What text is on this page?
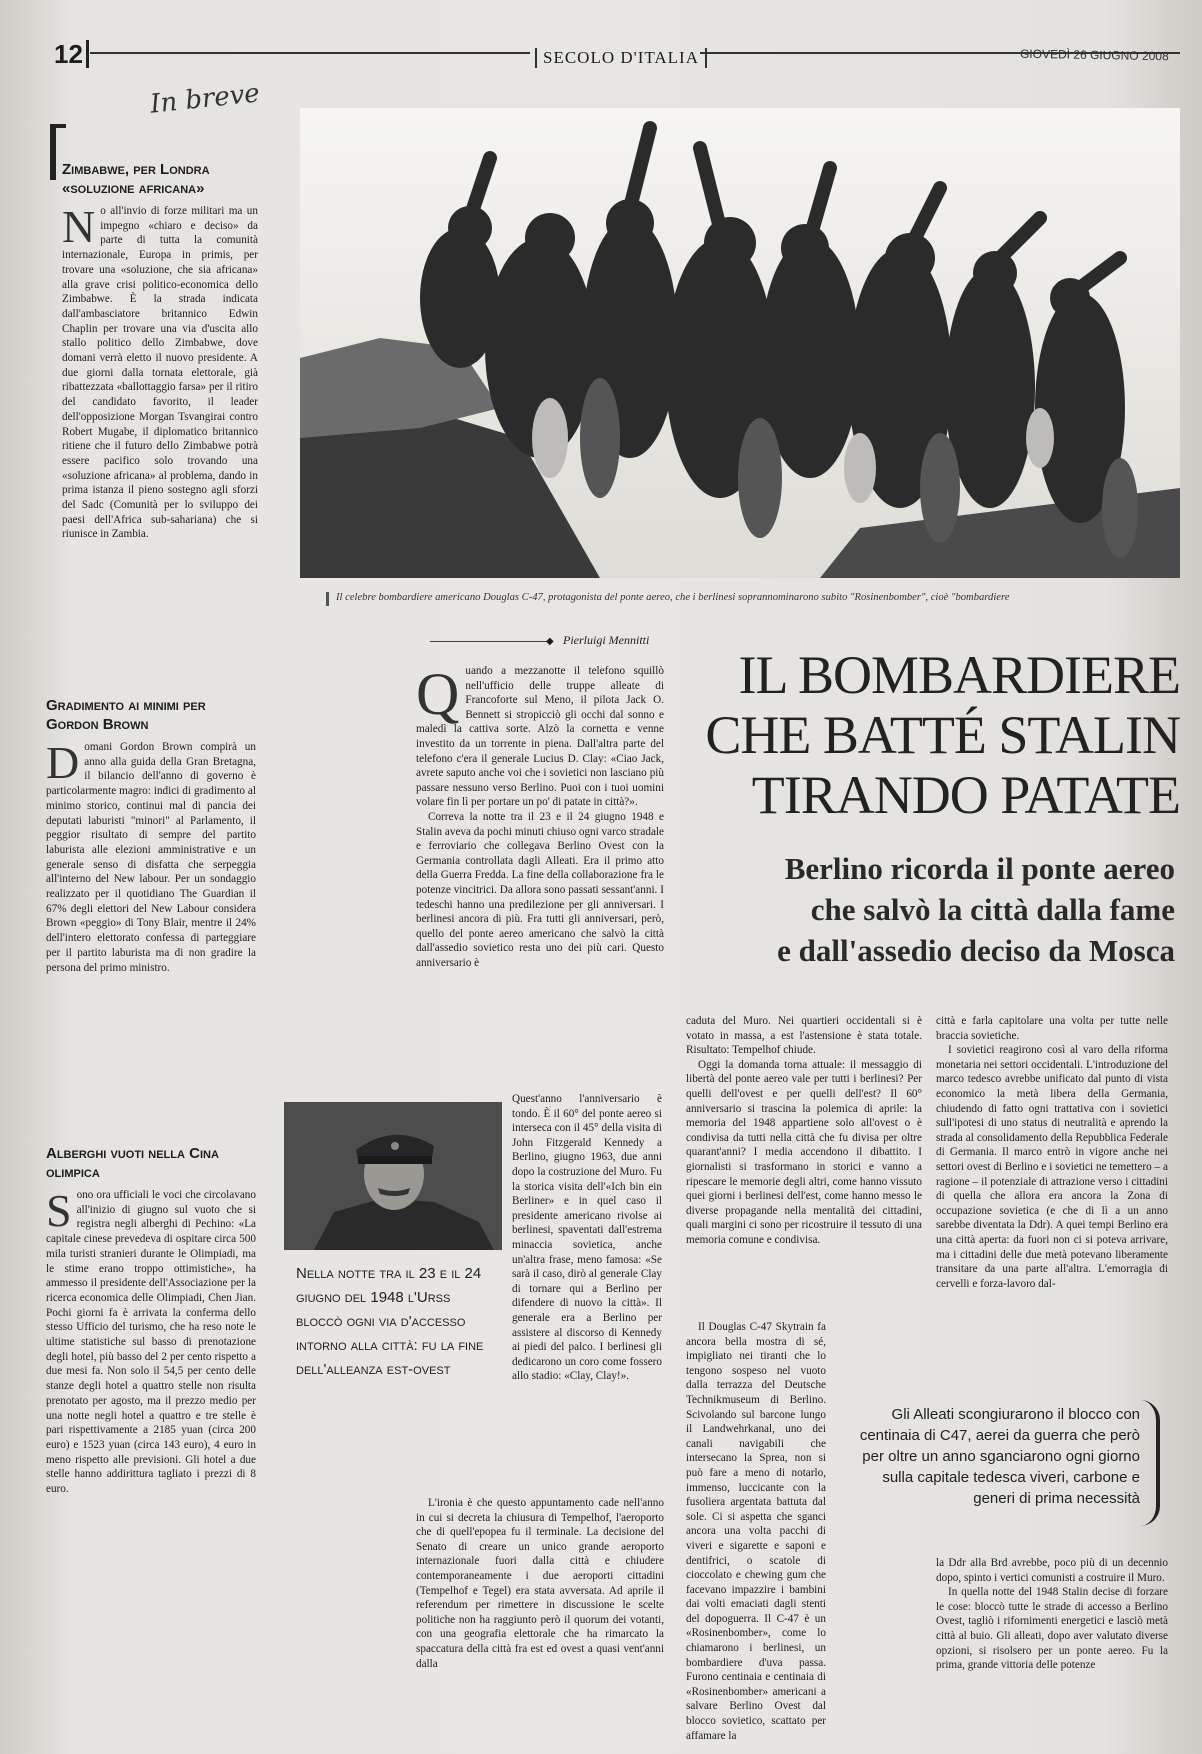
12	SECOLO D'ITALIA	GIOVEDÌ 26 GIUGNO 2008
In breve
Zimbabwe, per Londra «soluzione africana»

No all'invio di forze militari ma un impegno «chiaro e deciso» da parte di tutta la comunità internazionale, Europa in primis, per trovare una «soluzione, che sia africana» alla grave crisi politico-economica dello Zimbabwe. È la strada indicata dall'ambasciatore britannico Edwin Chaplin per trovare una via d'uscita allo stallo politico dello Zimbabwe, dove domani verrà eletto il nuovo presidente. A due giorni dalla tornata elettorale, già ribattezzata «ballottaggio farsa» per il ritiro del candidato favorito, il leader dell'opposizione Morgan Tsvangirai contro Robert Mugabe, il diplomatico britannico ritiene che il futuro dello Zimbabwe potrà essere pacifico solo trovando una «soluzione africana» al problema, dando in prima istanza il pieno sostegno agli sforzi del Sadc (Comunità per lo sviluppo dei paesi dell'Africa sub-sahariana) che si riunisce in Zambia.

Gradimento ai minimi per Gordon Brown

Domani Gordon Brown compirà un anno alla guida della Gran Bretagna, il bilancio dell'anno di governo è particolarmente magro: indici di gradimento al minimo storico, continui mal di pancia dei deputati laburisti "minori" al Parlamento, il peggior risultato di sempre del partito laburista alle elezioni amministrative e un generale senso di disfatta che serpeggia all'interno del New labour. Per un sondaggio realizzato per il quotidiano The Guardian il 67% degli elettori del New Labour considera Brown «peggio» di Tony Blair, mentre il 24% dell'intero elettorato confessa di parteggiare per il partito laburista ma di non gradire la persona del primo ministro.

Alberghi vuoti nella Cina olimpica

Sono ora ufficiali le voci che circolavano all'inizio di giugno sul vuoto che si registra negli alberghi di Pechino: «La capitale cinese prevedeva di ospitare circa 500 mila turisti stranieri durante le Olimpiadi, ma le stime erano troppo ottimistiche», ha ammesso il presidente dell'Associazione per la ricerca economica delle Olimpiadi, Chen Jian. Pochi giorni fa è arrivata la conferma dello stesso Ufficio del turismo, che ha reso note le ultime statistiche sul basso di prenotazione degli hotel, più basso del 2 per cento rispetto a due mesi fa. Non solo il 54,5 per cento delle stanze degli hotel a quattro stelle non risulta prenotato per agosto, ma il prezzo medio per una notte negli hotel a quattro e tre stelle è pari rispettivamente a 2185 yuan (circa 200 euro) e 1523 yuan (circa 143 euro), 4 euro in meno rispetto alle previsioni. Gli hotel a due stelle hanno addirittura tagliato i prezzi di 8 euro.

Il celebre bombardiere americano Douglas C-47, protagonista del ponte aereo, che i berlinesi soprannominarono subito "Rosinenbomber", cioè "bombardiere
◆ Pierluigi Mennitti
IL BOMBARDIERE
CHE BATTÉ STALIN
TIRANDO PATATE
Berlino ricorda il ponte aereo
che salvò la città dalla fame
e dall'assedio deciso da Mosca

Quando a mezzanotte il telefono squillò nell'ufficio delle truppe alleate di Francoforte sul Meno, il pilota Jack O. Bennett si stropicciò gli occhi dal sonno e maledì la cattiva sorte. Alzò la cornetta e venne investito da un torrente in piena. Dall'altra parte del telefono c'era il generale Lucius D. Clay: «Ciao Jack, avrete saputo anche voi che i sovietici non lasciano più passare nessuno verso Berlino. Puoi con i tuoi uomini volare fin lì per portare un po' di patate in città?».

Correva la notte tra il 23 e il 24 giugno 1948 e Stalin aveva da pochi minuti chiuso ogni varco stradale e ferroviario che collegava Berlino Ovest con la Germania controllata dagli Alleati. Era il primo atto della Guerra Fredda. La fine della collaborazione fra le potenze vincitrici. Da allora sono passati sessant'anni. I tedeschi hanno una predilezione per gli anniversari. I berlinesi ancora di più. Fra tutti gli anniversari, però, quello del ponte aereo americano che salvò la città dall'assedio sovietico resta uno dei più cari. Questo anniversario è

Quest'anno l'anniversario è tondo. È il 60° del ponte aereo si interseca con il 45° della visita di John Fitzgerald Kennedy a Berlino, giugno 1963, due anni dopo la costruzione del Muro. Fu la storica visita dell'«Ich bin ein Berliner» e in quel caso il presidente americano rivolse ai berlinesi, spaventati dall'estrema minaccia sovietica, anche un'altra frase, meno famosa: «Se sarà il caso, dirò al generale Clay di tornare qui a Berlino per difendere di nuovo la città». Il generale era a Berlino per assistere al discorso di Kennedy ai piedi del palco. I berlinesi gli dedicarono un coro come fossero allo stadio: «Clay, Clay!».

L'ironia è che questo appuntamento cade nell'anno in cui si decreta la chiusura di Tempelhof, l'aeroporto che di quell'epopea fu il terminale. La decisione del Senato di creare un unico grande aeroporto internazionale fuori dalla città e chiudere contemporaneamente i due aeroporti cittadini (Tempelhof e Tegel) era stata avversata. Ad aprile il referendum per rimettere in discussione le scelte politiche non ha raggiunto però il quorum dei votanti, con una geografia elettorale che ha rimarcato la spaccatura della città fra est ed ovest a quasi vent'anni dalla

Nella notte tra il 23 e il 24 giugno del 1948 l'Urss bloccò ogni via d'accesso intorno alla città: fu la fine dell'alleanza est-ovest

caduta del Muro. Nei quartieri occidentali si è votato in massa, a est l'astensione è stata totale. Risultato: Tempelhof chiude.

Oggi la domanda torna attuale: il messaggio di libertà del ponte aereo vale per tutti i berlinesi? Per quelli dell'ovest e per quelli dell'est? Il 60° anniversario si trascina la polemica di aprile: la memoria del 1948 appartiene solo all'ovest o è condivisa da tutti nella città che fu divisa per oltre quarant'anni? I media accendono il dibattito. I giornalisti si trasformano in storici e vanno a ripescare le memorie degli altri, come hanno vissuto quei giorni i berlinesi dell'est, come hanno messo le diverse propagande nella mentalità dei cittadini, quali margini ci sono per ricostruire il tessuto di una memoria comune e condivisa.

Il Douglas C-47 Skytrain fa ancora bella mostra di sé, impigliato nei tiranti che lo tengono sospeso nel vuoto dalla terrazza del Deutsche Technikmuseum di Berlino. Scivolando sul barcone lungo il Landwehrkanal, uno dei canali navigabili che intersecano la Sprea, non si può fare a meno di notarlo, immenso, luccicante con la fusoliera argentata battuta dal sole. Ci si aspetta che sganci ancora una volta pacchi di viveri e sigarette e saponi e dentifrici, o scatole di cioccolato e chewing gum che facevano impazzire i bambini dai volti emaciati dagli stenti del dopoguerra. Il C-47 è un «Rosinenbomber», come lo chiamarono i berlinesi, un bombardiere d'uva passa. Furono centinaia e centinaia di «Rosinenbomber» americani a salvare Berlino Ovest dal blocco sovietico, scattato per affamare la

città e farla capitolare una volta per tutte nelle braccia sovietiche.

I sovietici reagirono così al varo della riforma monetaria nei settori occidentali. L'introduzione del marco tedesco avrebbe unificato dal punto di vista economico la metà libera della Germania, chiudendo di fatto ogni trattativa con i sovietici sull'ipotesi di uno status di neutralità e aprendo la strada al consolidamento della Repubblica Federale di Germania. Il marco entrò in vigore anche nei settori ovest di Berlino e i sovietici ne temettero – a ragione – il potenziale di attrazione verso i cittadini di quella che allora era ancora la Zona di occupazione sovietica (e che di lì a un anno sarebbe diventata la Ddr). A quei tempi Berlino era una città aperta: da fuori non ci si poteva arrivare, ma i cittadini delle due metà potevano liberamente transitare da una parte all'altra. L'emorragia di cervelli e forza-lavoro dal-

Gli Alleati scongiurarono il blocco con centinaia di C47, aerei da guerra che però per oltre un anno sganciarono ogni giorno sulla capitale tedesca viveri, carbone e generi di prima necessità

la Ddr alla Brd avrebbe, poco più di un decennio dopo, spinto i vertici comunisti a costruire il Muro.

In quella notte del 1948 Stalin decise di forzare le cose: bloccò tutte le strade di accesso a Berlino Ovest, tagliò i rifornimenti energetici e lasciò metà città al buio. Gli alleati, dopo aver valutato diverse opzioni, si risolsero per un ponte aereo. Fu la prima, grande vittoria delle potenze
